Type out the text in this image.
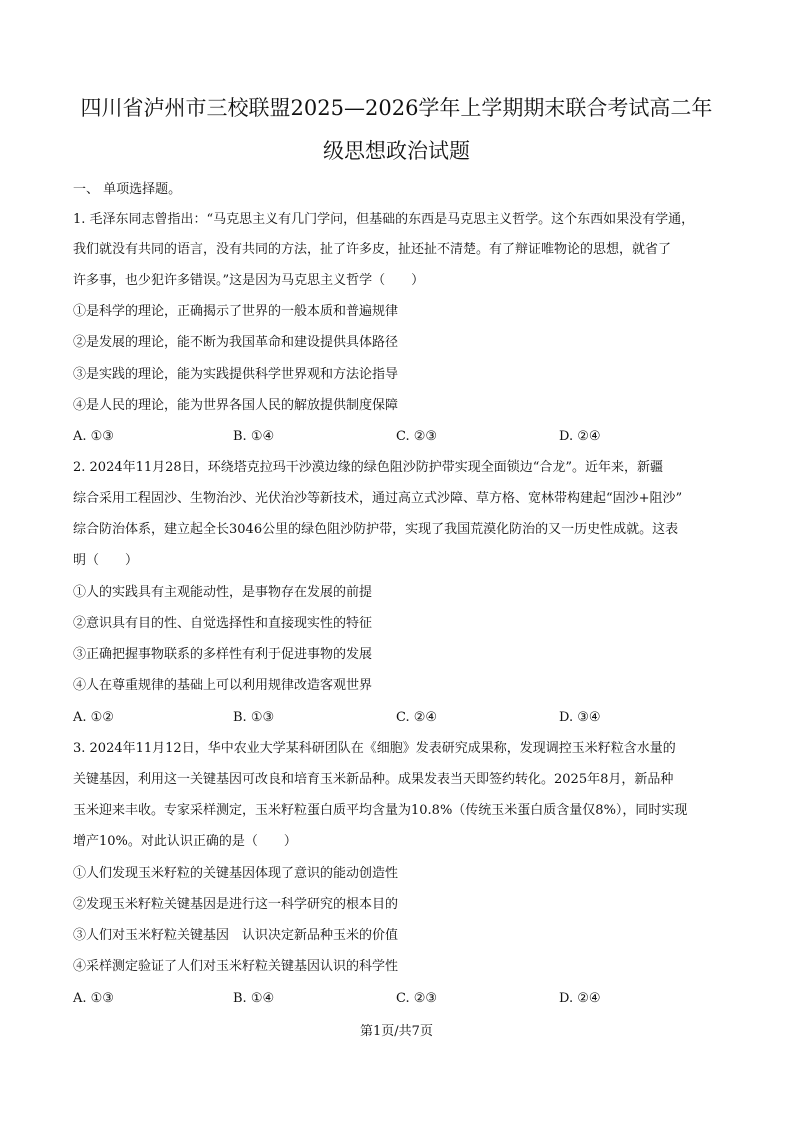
四川省泸州市三校联盟2025—2026学年上学期期末联合考试高二年
级思想政治试题
一、 单项选择题。
1. 毛泽东同志曾指出：“马克思主义有几门学问，但基础的东西是马克思主义哲学。这个东西如果没有学通，
我们就没有共同的语言，没有共同的方法，扯了许多皮，扯还扯不清楚。有了辩证唯物论的思想，就省了
许多事，也少犯许多错误。”这是因为马克思主义哲学（　　）
①是科学的理论，正确揭示了世界的一般本质和普遍规律
②是发展的理论，能不断为我国革命和建设提供具体路径
③是实践的理论，能为实践提供科学世界观和方法论指导
④是人民的理论，能为世界各国人民的解放提供制度保障
A. ①③	B. ①④	C. ②③	D. ②④
2. 2024年11月28日，环绕塔克拉玛干沙漠边缘的绿色阻沙防护带实现全面锁边“合龙”。近年来，新疆
综合采用工程固沙、生物治沙、光伏治沙等新技术，通过高立式沙障、草方格、宽林带构建起“固沙+阻沙”
综合防治体系，建立起全长3046公里的绿色阻沙防护带，实现了我国荒漠化防治的又一历史性成就。这表
明（　　）
①人的实践具有主观能动性，是事物存在发展的前提
②意识具有目的性、自觉选择性和直接现实性的特征
③正确把握事物联系的多样性有利于促进事物的发展
④人在尊重规律的基础上可以利用规律改造客观世界
A. ①②	B. ①③	C. ②④	D. ③④
3. 2024年11月12日，华中农业大学某科研团队在《细胞》发表研究成果称，发现调控玉米籽粒含水量的
关键基因，利用这一关键基因可改良和培育玉米新品种。成果发表当天即签约转化。2025年8月，新品种
玉米迎来丰收。专家采样测定，玉米籽粒蛋白质平均含量为10.8%（传统玉米蛋白质含量仅8%），同时实现
增产10%。对此认识正确的是（　　）
①人们发现玉米籽粒的关键基因体现了意识的能动创造性
②发现玉米籽粒关键基因是进行这一科学研究的根本目的
③人们对玉米籽粒关键基因　认识决定新品种玉米的价值
④采样测定验证了人们对玉米籽粒关键基因认识的科学性
A. ①③	B. ①④	C. ②③	D. ②④
第1页/共7页
